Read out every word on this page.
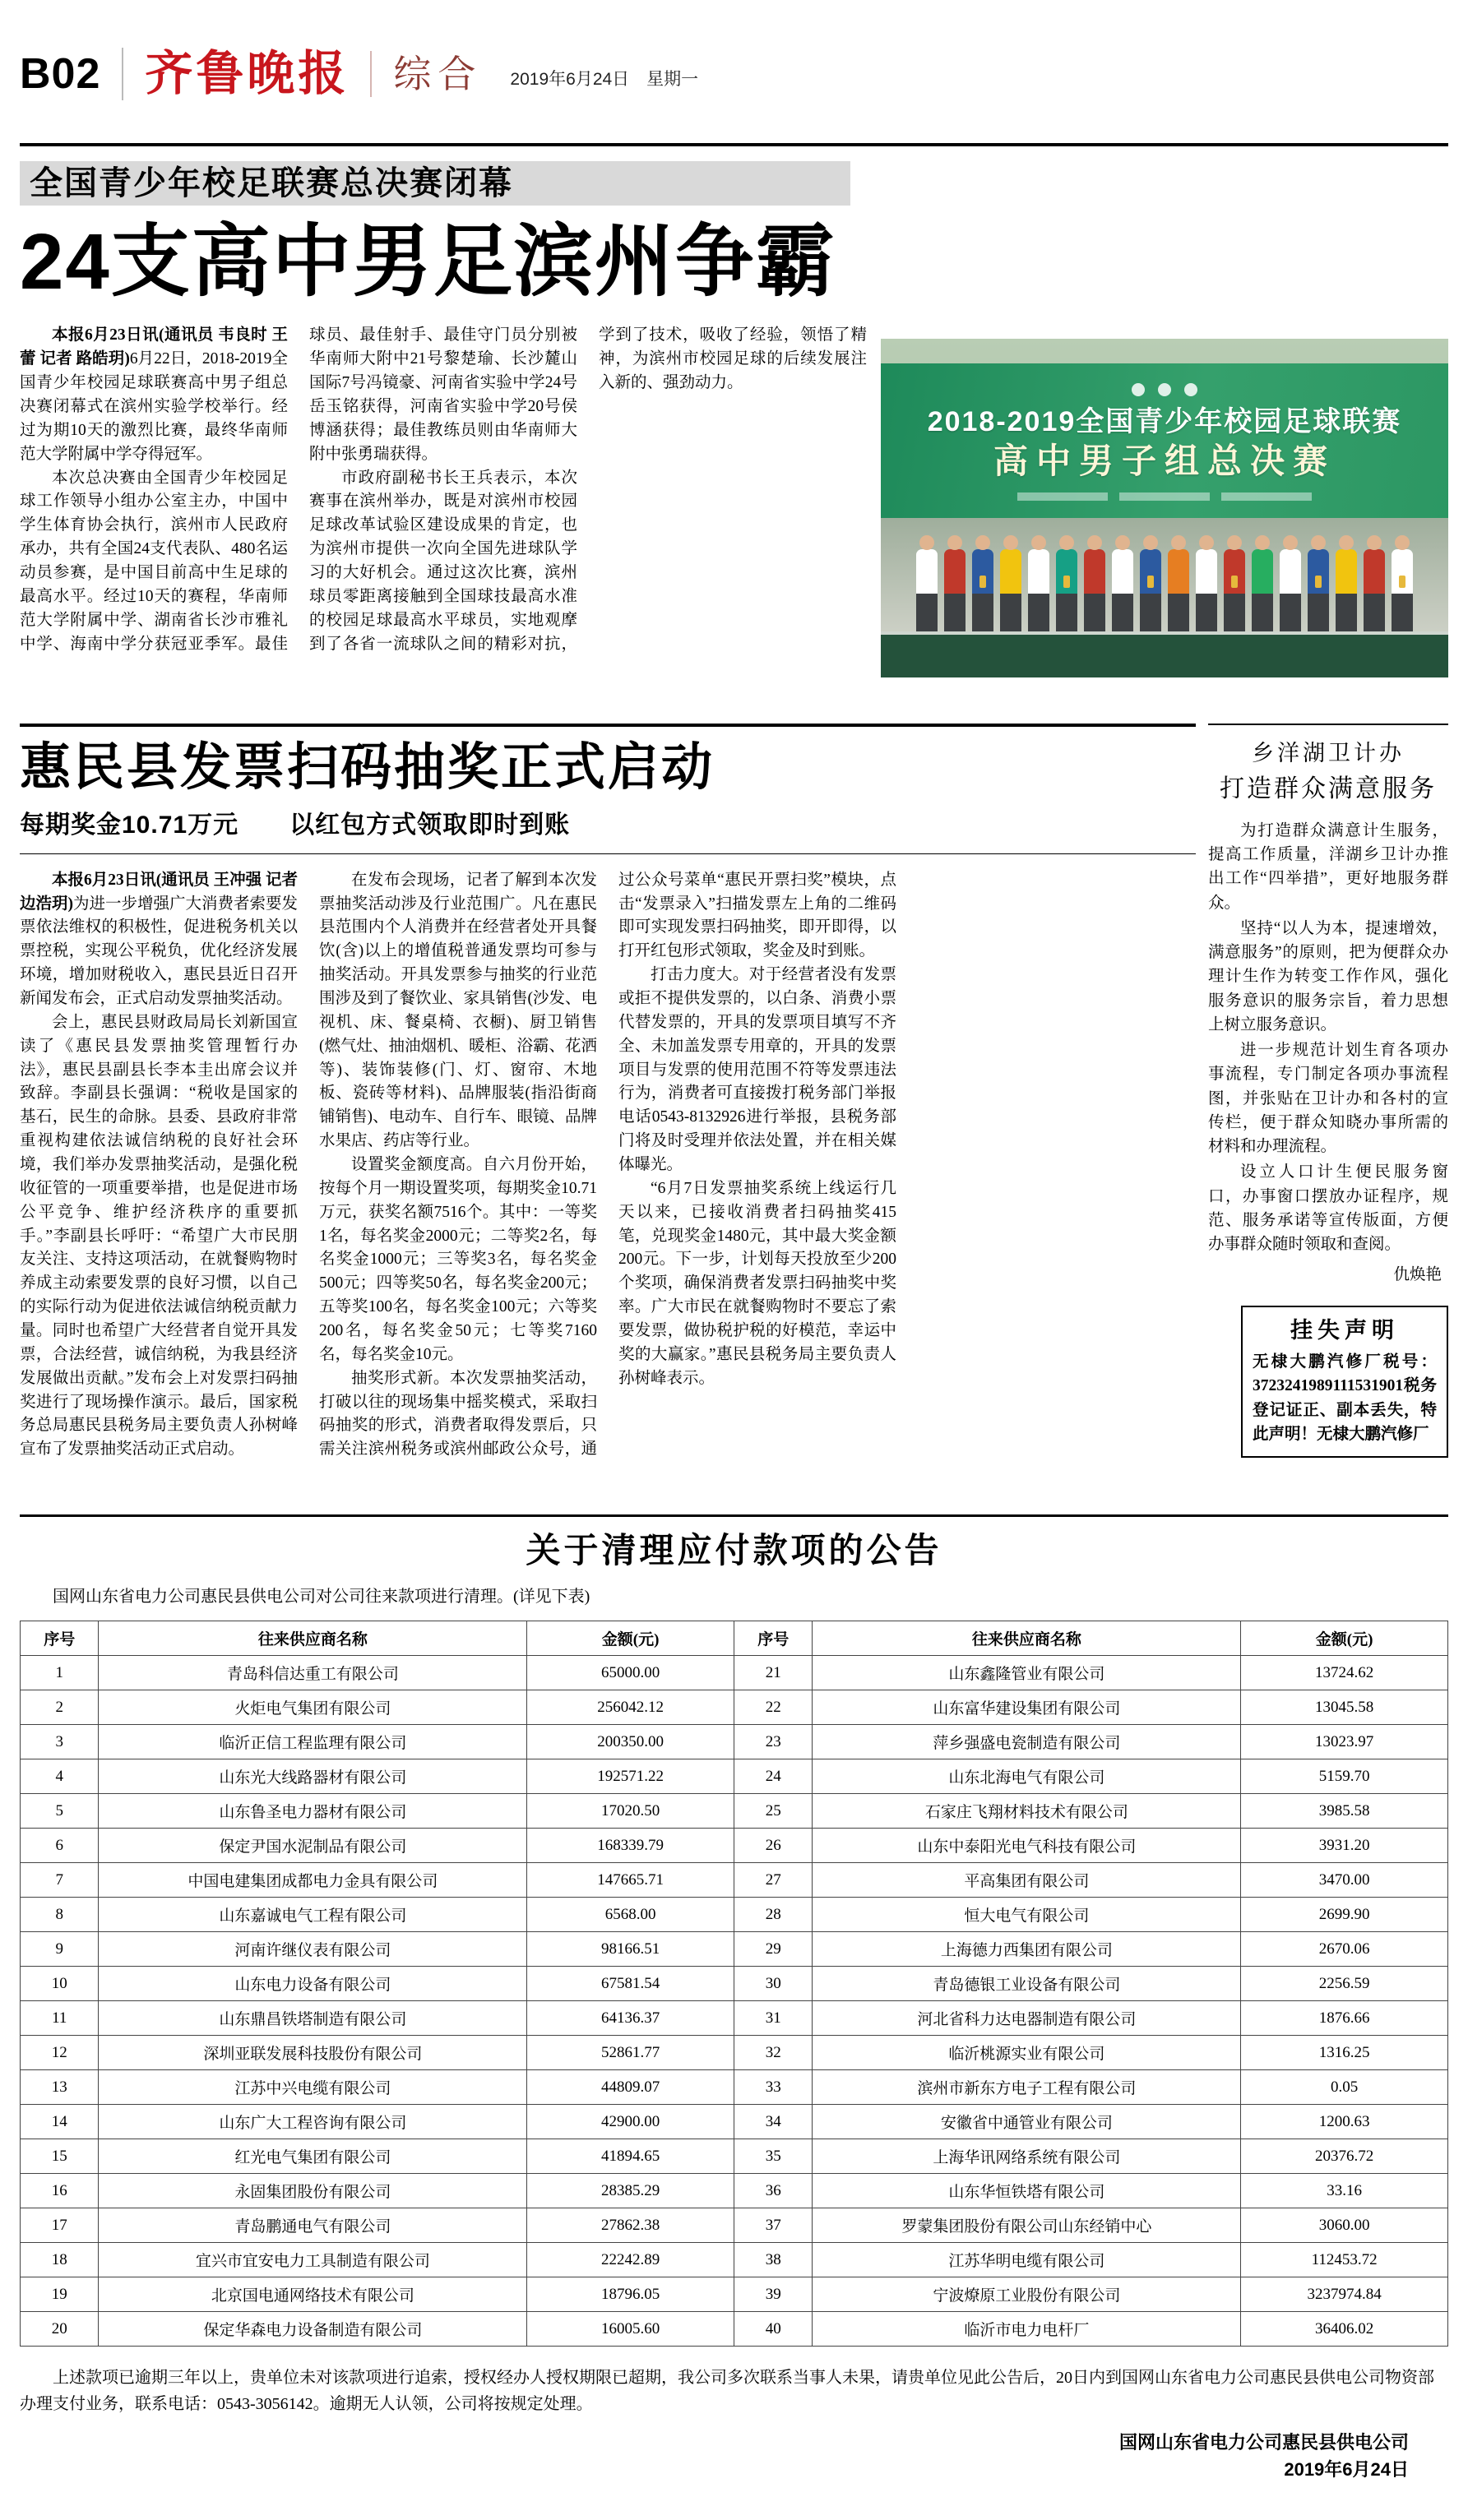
B02 齐鲁晚报 综合 2019年6月24日　星期一
全国青少年校足联赛总决赛闭幕
24支高中男足滨州争霸

本报6月23日讯(通讯员 韦良时 王蕾 记者 路皓玥)6月22日，2018-2019全国青少年校园足球联赛高中男子组总决赛闭幕式在滨州实验学校举行。经过为期10天的激烈比赛，最终华南师范大学附属中学夺得冠军。

本次总决赛由全国青少年校园足球工作领导小组办公室主办，中国中学生体育协会执行，滨州市人民政府承办，共有全国24支代表队、480名运动员参赛，是中国目前高中生足球的最高水平。经过10天的赛程，华南师范大学附属中学、湖南省长沙市雅礼中学、海南中学分获冠亚季军。最佳球员、最佳射手、最佳守门员分别被华南师大附中21号黎楚瑜、长沙麓山国际7号冯镜豪、河南省实验中学24号岳玉铭获得，河南省实验中学20号侯博涵获得；最佳教练员则由华南师大附中张勇瑞获得。

市政府副秘书长王兵表示，本次赛事在滨州举办，既是对滨州市校园足球改革试验区建设成果的肯定，也为滨州市提供一次向全国先进球队学习的大好机会。通过这次比赛，滨州球员零距离接触到全国球技最高水准的校园足球最高水平球员，实地观摩到了各省一流球队之间的精彩对抗，学到了技术，吸收了经验，领悟了精神，为滨州市校园足球的后续发展注入新的、强劲动力。

2018-2019全国青少年校园足球联赛
高中男子组总决赛
惠民县发票扫码抽奖正式启动
每期奖金10.71万元　　以红包方式领取即时到账

本报6月23日讯(通讯员 王冲强 记者 边浩玥)为进一步增强广大消费者索要发票依法维权的积极性，促进税务机关以票控税，实现公平税负，优化经济发展环境，增加财税收入，惠民县近日召开新闻发布会，正式启动发票抽奖活动。

会上，惠民县财政局局长刘新国宣读了《惠民县发票抽奖管理暂行办法》，惠民县副县长李本圭出席会议并致辞。李副县长强调：“税收是国家的基石，民生的命脉。县委、县政府非常重视构建依法诚信纳税的良好社会环境，我们举办发票抽奖活动，是强化税收征管的一项重要举措，也是促进市场公平竞争、维护经济秩序的重要抓手。”李副县长呼吁：“希望广大市民朋友关注、支持这项活动，在就餐购物时养成主动索要发票的良好习惯，以自己的实际行动为促进依法诚信纳税贡献力量。同时也希望广大经营者自觉开具发票，合法经营，诚信纳税，为我县经济发展做出贡献。”发布会上对发票扫码抽奖进行了现场操作演示。最后，国家税务总局惠民县税务局主要负责人孙树峰宣布了发票抽奖活动正式启动。

在发布会现场，记者了解到本次发票抽奖活动涉及行业范围广。凡在惠民县范围内个人消费并在经营者处开具餐饮(含)以上的增值税普通发票均可参与抽奖活动。开具发票参与抽奖的行业范围涉及到了餐饮业、家具销售(沙发、电视机、床、餐桌椅、衣橱)、厨卫销售(燃气灶、抽油烟机、暖柜、浴霸、花洒等)、装饰装修(门、灯、窗帘、木地板、瓷砖等材料)、品牌服装(指沿街商铺销售)、电动车、自行车、眼镜、品牌水果店、药店等行业。

设置奖金额度高。自六月份开始，按每个月一期设置奖项，每期奖金10.71万元，获奖名额7516个。其中：一等奖1名，每名奖金2000元；二等奖2名，每名奖金1000元；三等奖3名，每名奖金500元；四等奖50名，每名奖金200元；五等奖100名，每名奖金100元；六等奖200名，每名奖金50元；七等奖7160名，每名奖金10元。

抽奖形式新。本次发票抽奖活动，打破以往的现场集中摇奖模式，采取扫码抽奖的形式，消费者取得发票后，只需关注滨州税务或滨州邮政公众号，通过公众号菜单“惠民开票扫奖”模块，点击“发票录入”扫描发票左上角的二维码即可实现发票扫码抽奖，即开即得，以打开红包形式领取，奖金及时到账。

打击力度大。对于经营者没有发票或拒不提供发票的，以白条、消费小票代替发票的，开具的发票项目填写不齐全、未加盖发票专用章的，开具的发票项目与发票的使用范围不符等发票违法行为，消费者可直接拨打税务部门举报电话0543-8132926进行举报，县税务部门将及时受理并依法处置，并在相关媒体曝光。

“6月7日发票抽奖系统上线运行几天以来，已接收消费者扫码抽奖415笔，兑现奖金1480元，其中最大奖金额200元。下一步，计划每天投放至少200个奖项，确保消费者发票扫码抽奖中奖率。广大市民在就餐购物时不要忘了索要发票，做协税护税的好模范，幸运中奖的大赢家。”惠民县税务局主要负责人孙树峰表示。

乡洋湖卫计办
打造群众满意服务

为打造群众满意计生服务，提高工作质量，洋湖乡卫计办推出工作“四举措”，更好地服务群众。

坚持“以人为本，提速增效，满意服务”的原则，把为便群众办理计生作为转变工作作风，强化服务意识的服务宗旨，着力思想上树立服务意识。

进一步规范计划生育各项办事流程，专门制定各项办事流程图，并张贴在卫计办和各村的宣传栏，便于群众知晓办事所需的材料和办理流程。

设立人口计生便民服务窗口，办事窗口摆放办证程序，规范、服务承诺等宣传版面，方便办事群众随时领取和查阅。

仇焕艳
挂失声明
无棣大鹏汽修厂税号：3723241989111531901税务登记证正、副本丢失，特此声明！无棣大鹏汽修厂
关于清理应付款项的公告
国网山东省电力公司惠民县供电公司对公司往来款项进行清理。(详见下表)
序号	往来供应商名称	金额(元)	序号	往来供应商名称	金额(元)
1	青岛科信达重工有限公司	65000.00	21	山东鑫隆管业有限公司	13724.62
2	火炬电气集团有限公司	256042.12	22	山东富华建设集团有限公司	13045.58
3	临沂正信工程监理有限公司	200350.00	23	萍乡强盛电瓷制造有限公司	13023.97
4	山东光大线路器材有限公司	192571.22	24	山东北海电气有限公司	5159.70
5	山东鲁圣电力器材有限公司	17020.50	25	石家庄飞翔材料技术有限公司	3985.58
6	保定尹国水泥制品有限公司	168339.79	26	山东中泰阳光电气科技有限公司	3931.20
7	中国电建集团成都电力金具有限公司	147665.71	27	平高集团有限公司	3470.00
8	山东嘉诚电气工程有限公司	6568.00	28	恒大电气有限公司	2699.90
9	河南许继仪表有限公司	98166.51	29	上海德力西集团有限公司	2670.06
10	山东电力设备有限公司	67581.54	30	青岛德银工业设备有限公司	2256.59
11	山东鼎昌铁塔制造有限公司	64136.37	31	河北省科力达电器制造有限公司	1876.66
12	深圳亚联发展科技股份有限公司	52861.77	32	临沂桃源实业有限公司	1316.25
13	江苏中兴电缆有限公司	44809.07	33	滨州市新东方电子工程有限公司	0.05
14	山东广大工程咨询有限公司	42900.00	34	安徽省中通管业有限公司	1200.63
15	红光电气集团有限公司	41894.65	35	上海华讯网络系统有限公司	20376.72
16	永固集团股份有限公司	28385.29	36	山东华恒铁塔有限公司	33.16
17	青岛鹏通电气有限公司	27862.38	37	罗蒙集团股份有限公司山东经销中心	3060.00
18	宜兴市宜安电力工具制造有限公司	22242.89	38	江苏华明电缆有限公司	112453.72
19	北京国电通网络技术有限公司	18796.05	39	宁波燎原工业股份有限公司	3237974.84
20	保定华森电力设备制造有限公司	16005.60	40	临沂市电力电杆厂	36406.02
上述款项已逾期三年以上，贵单位未对该款项进行追索，授权经办人授权期限已超期，我公司多次联系当事人未果，请贵单位见此公告后，20日内到国网山东省电力公司惠民县供电公司物资部办理支付业务，联系电话：0543-3056142。逾期无人认领，公司将按规定处理。
国网山东省电力公司惠民县供电公司
2019年6月24日
